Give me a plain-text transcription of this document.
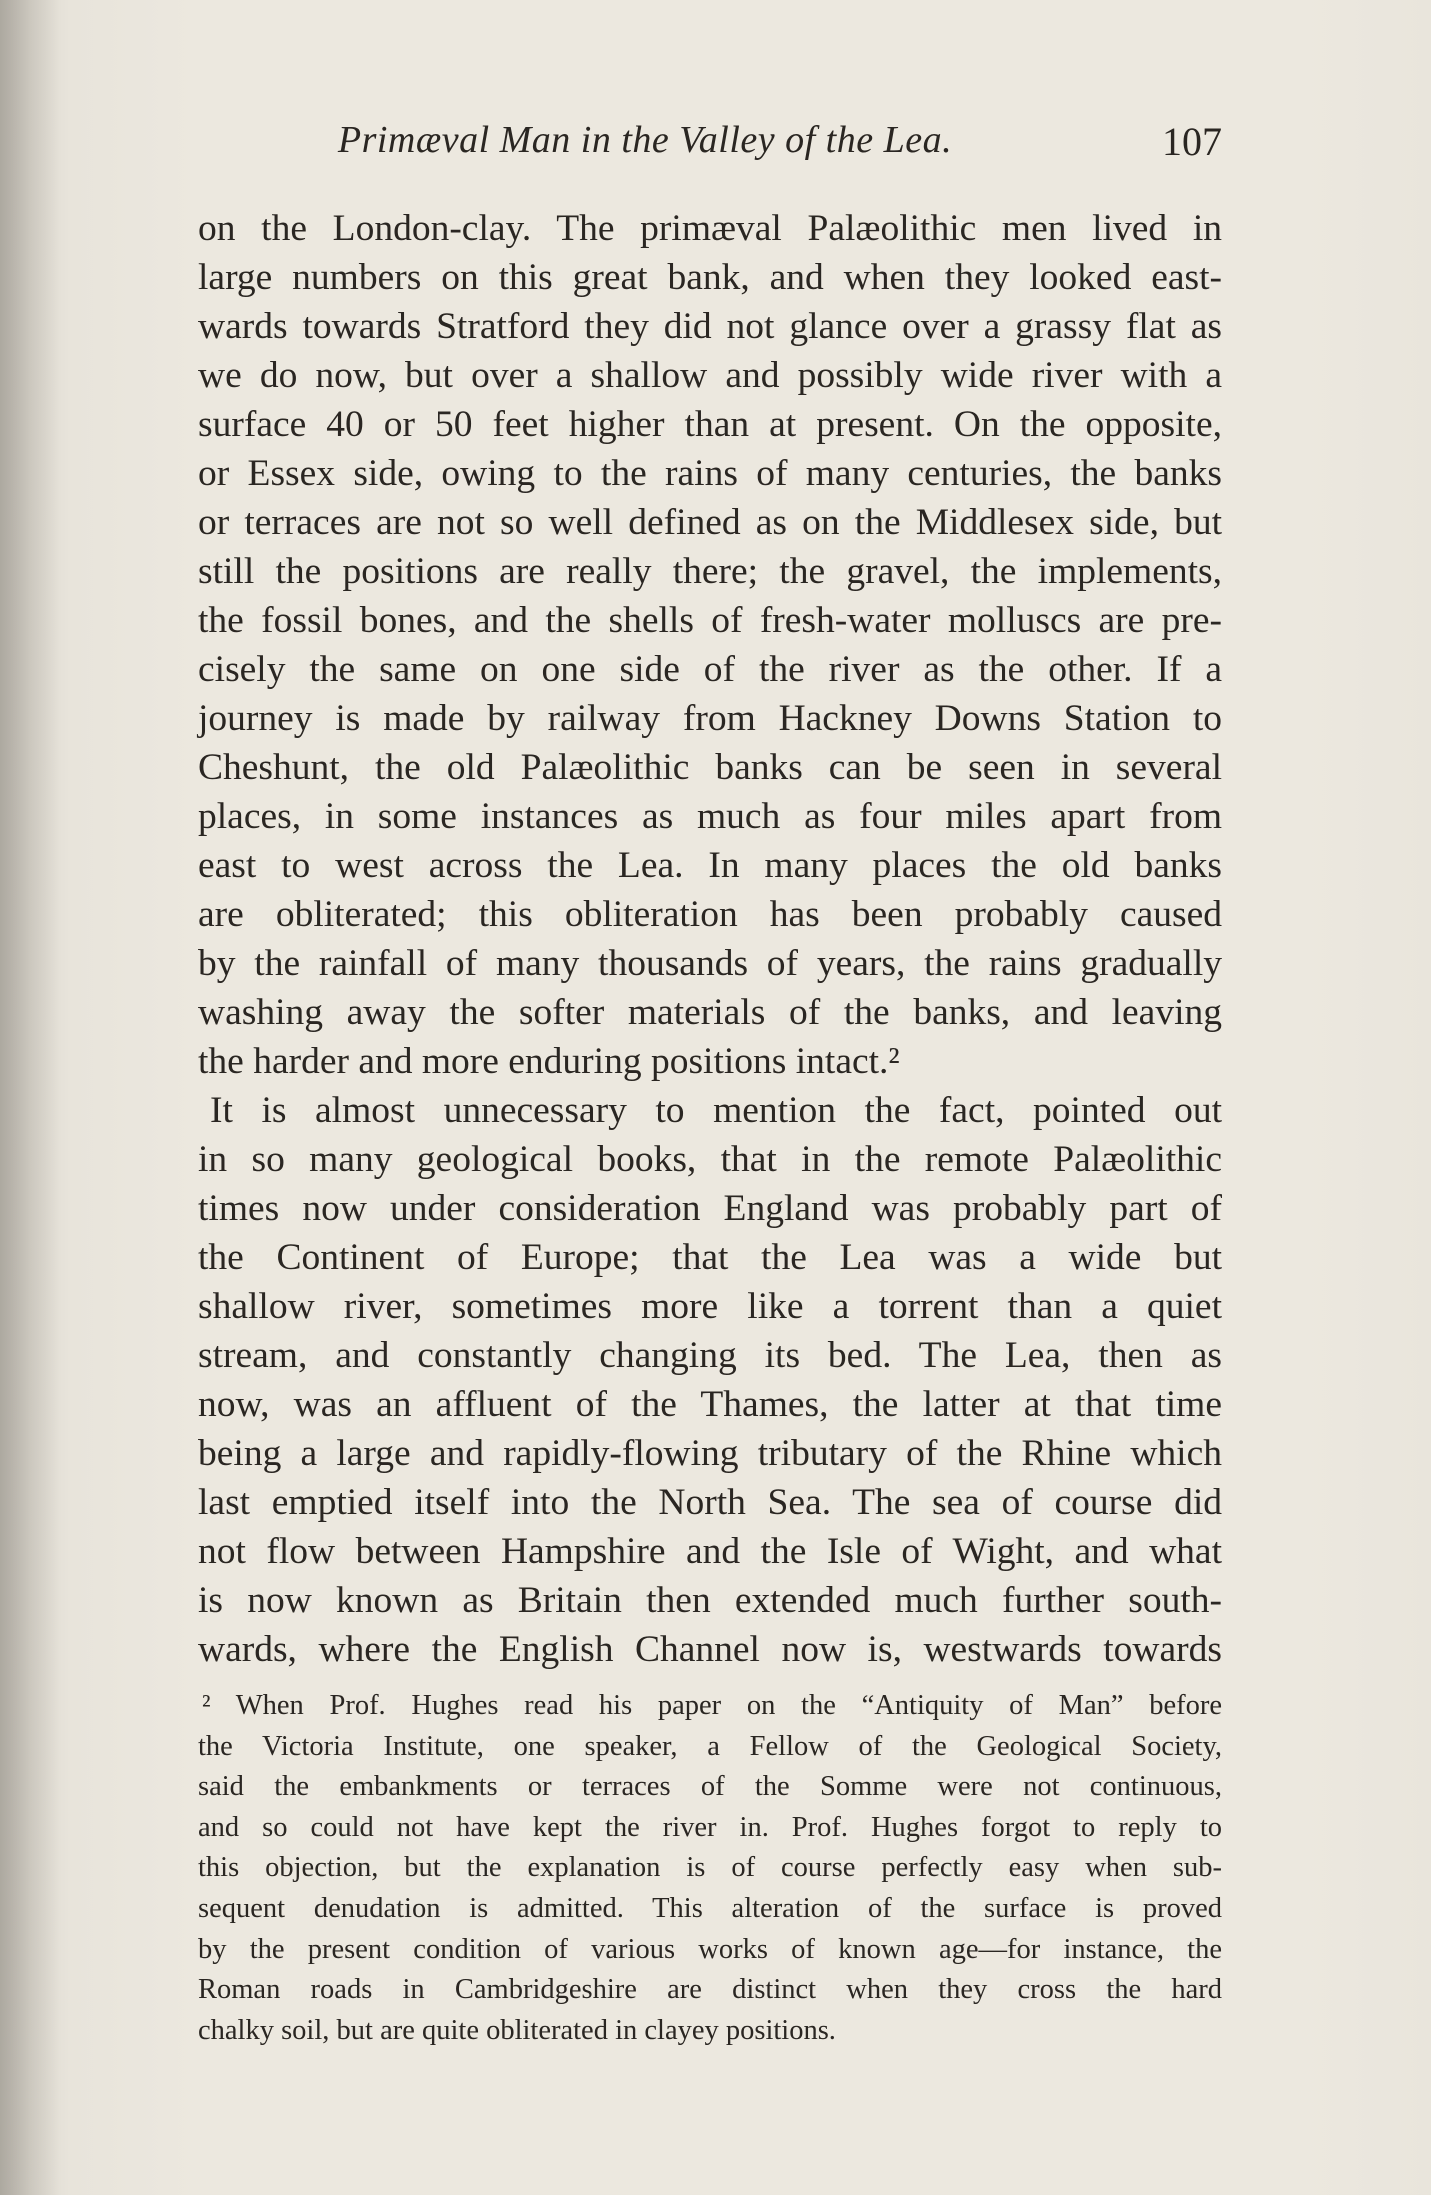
Primæval Man in the Valley of the Lea.	107
on the London-clay. The primæval Palæolithic men lived in
large numbers on this great bank, and when they looked east-
wards towards Stratford they did not glance over a grassy flat as
we do now, but over a shallow and possibly wide river with a
surface 40 or 50 feet higher than at present. On the opposite,
or Essex side, owing to the rains of many centuries, the banks
or terraces are not so well defined as on the Middlesex side, but
still the positions are really there; the gravel, the implements,
the fossil bones, and the shells of fresh-water molluscs are pre-
cisely the same on one side of the river as the other. If a
journey is made by railway from Hackney Downs Station to
Cheshunt, the old Palæolithic banks can be seen in several
places, in some instances as much as four miles apart from
east to west across the Lea. In many places the old banks
are obliterated; this obliteration has been probably caused
by the rainfall of many thousands of years, the rains gradually
washing away the softer materials of the banks, and leaving
the harder and more enduring positions intact.²
It is almost unnecessary to mention the fact, pointed out
in so many geological books, that in the remote Palæolithic
times now under consideration England was probably part of
the Continent of Europe; that the Lea was a wide but
shallow river, sometimes more like a torrent than a quiet
stream, and constantly changing its bed. The Lea, then as
now, was an affluent of the Thames, the latter at that time
being a large and rapidly-flowing tributary of the Rhine which
last emptied itself into the North Sea. The sea of course did
not flow between Hampshire and the Isle of Wight, and what
is now known as Britain then extended much further south-
wards, where the English Channel now is, westwards towards
² When Prof. Hughes read his paper on the “Antiquity of Man” before
the Victoria Institute, one speaker, a Fellow of the Geological Society,
said the embankments or terraces of the Somme were not continuous,
and so could not have kept the river in. Prof. Hughes forgot to reply to
this objection, but the explanation is of course perfectly easy when sub-
sequent denudation is admitted. This alteration of the surface is proved
by the present condition of various works of known age—for instance, the
Roman roads in Cambridgeshire are distinct when they cross the hard
chalky soil, but are quite obliterated in clayey positions.
